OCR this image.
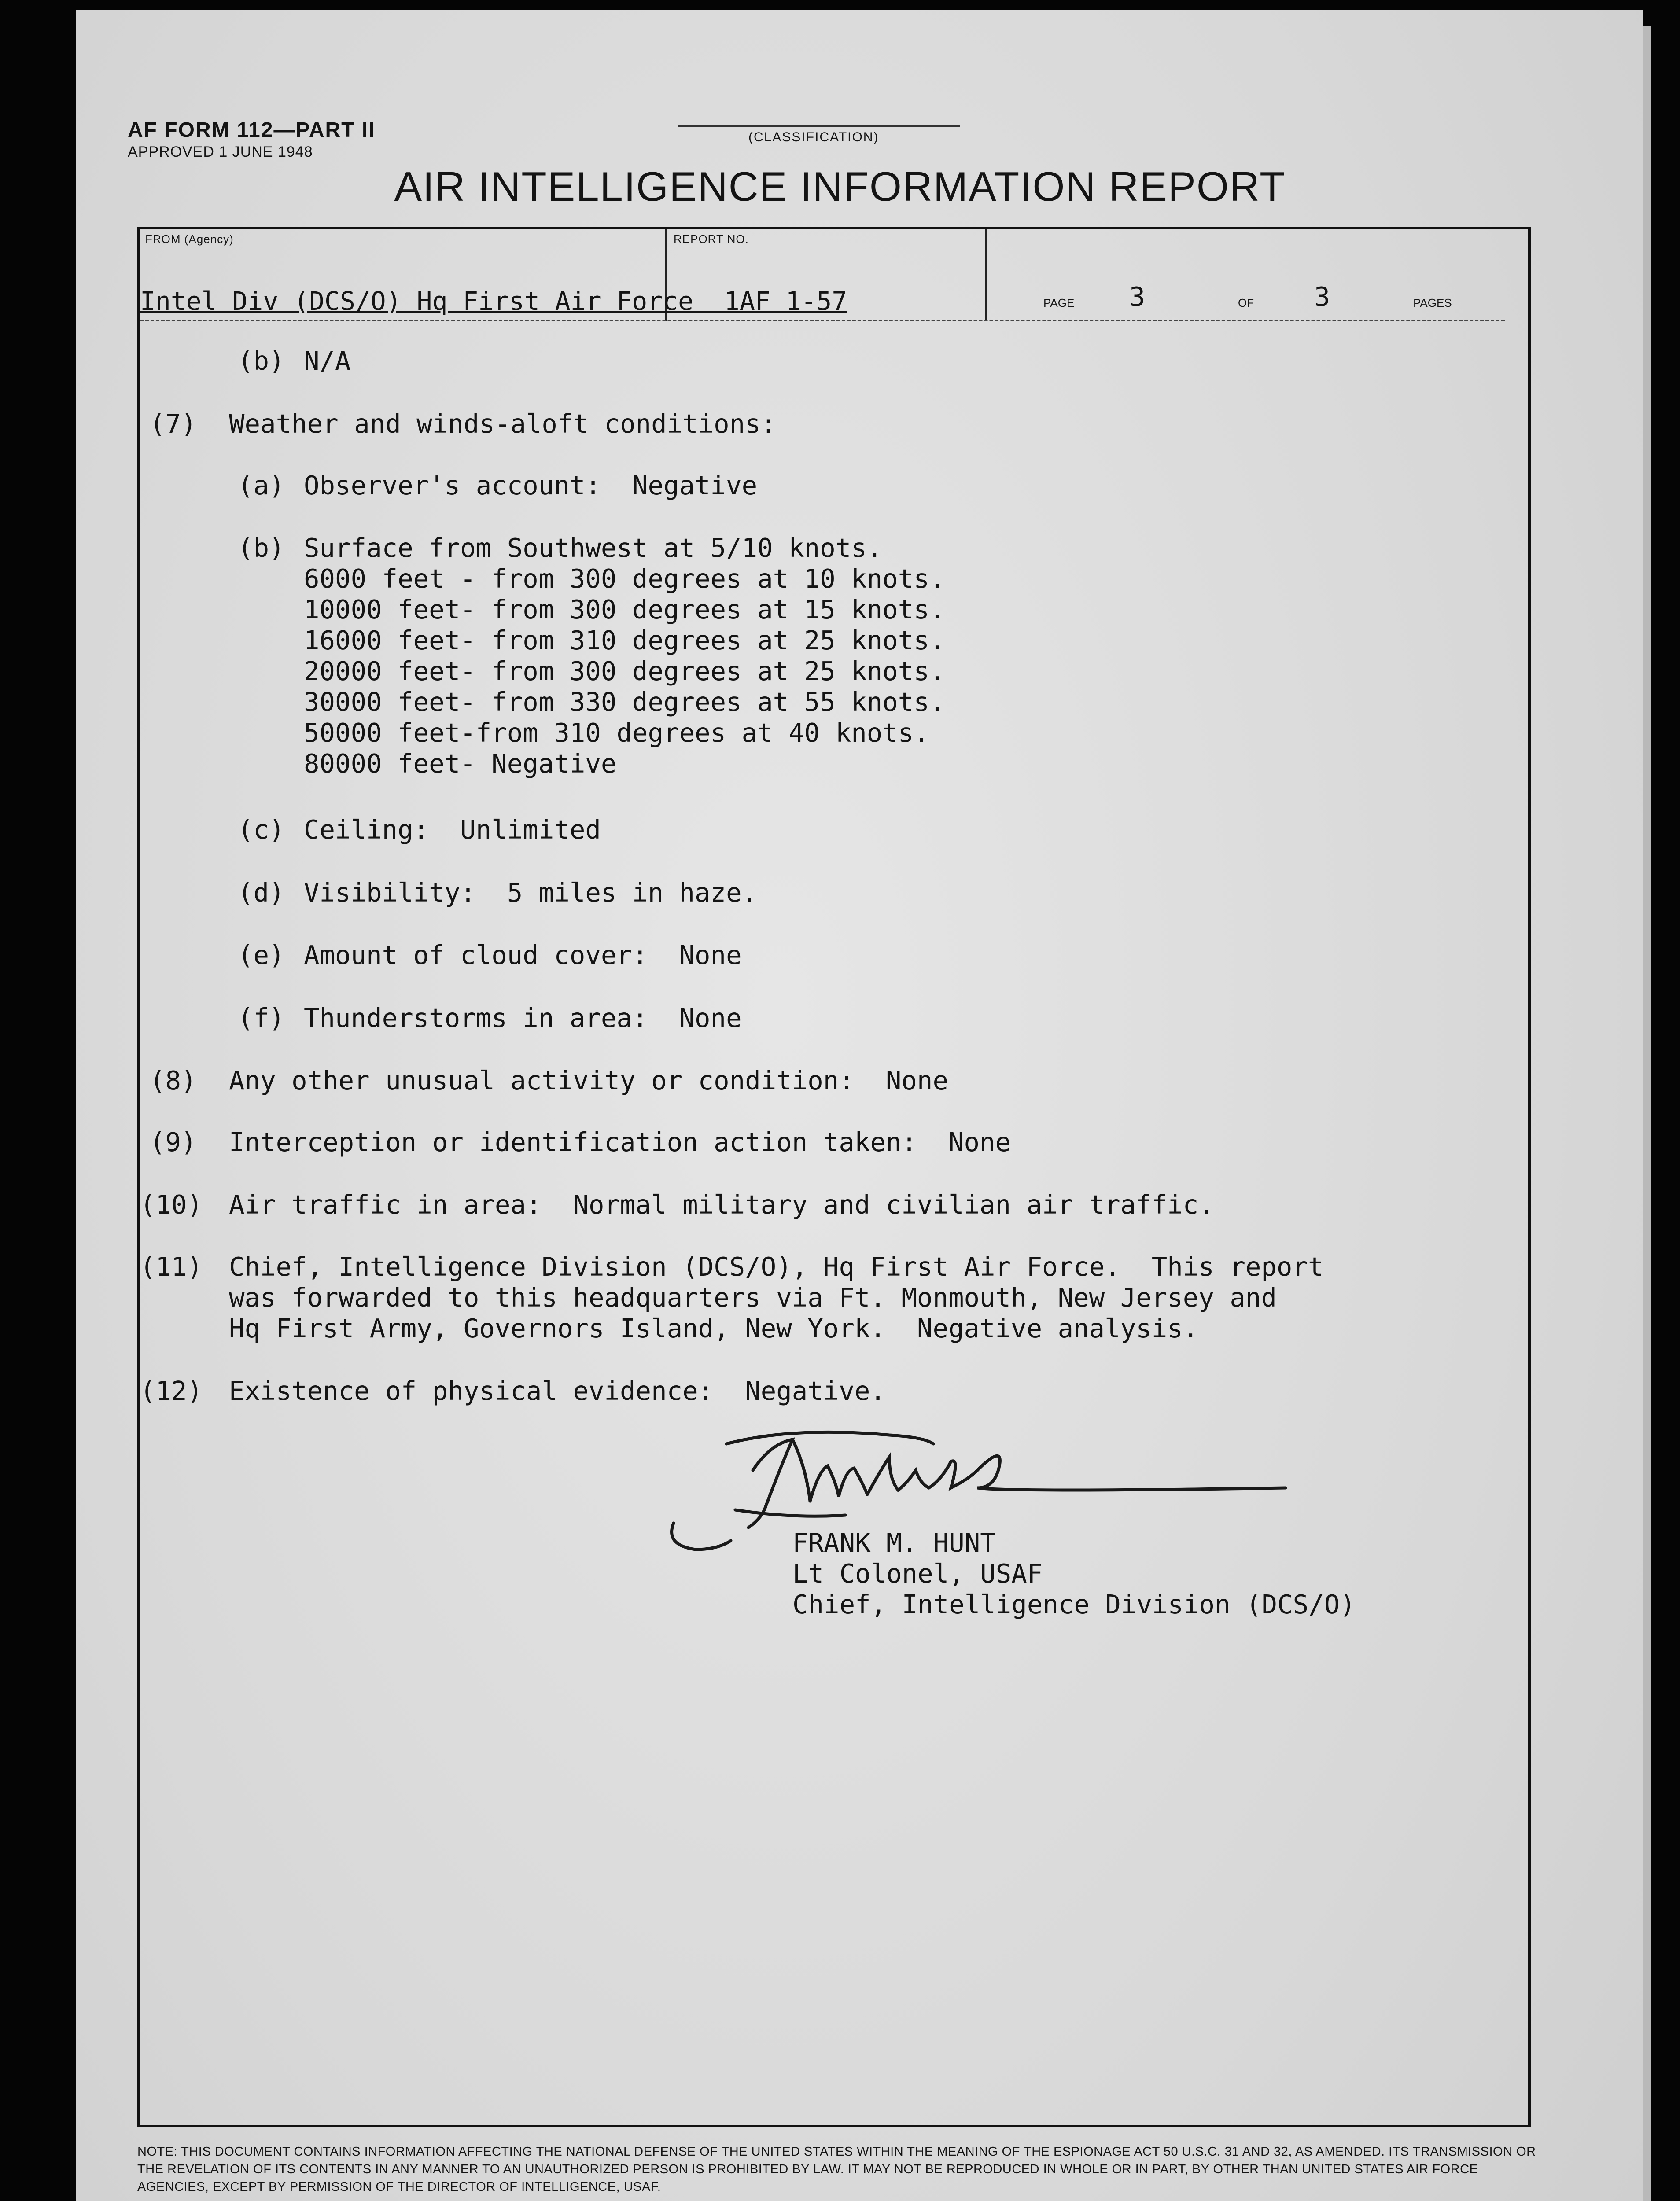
AF FORM 112—PART II
APPROVED 1 JUNE 1948
(CLASSIFICATION)
AIR INTELLIGENCE INFORMATION REPORT
FROM (Agency)	REPORT NO.
Intel Div (DCS/O) Hq First Air Force  1AF 1-57	PAGE 3	OF 3	PAGES
(b) N/A
(7) Weather and winds-aloft conditions:
(a) Observer's account:  Negative
(b) Surface from Southwest at 5/10 knots.
6000 feet - from 300 degrees at 10 knots.
10000 feet- from 300 degrees at 15 knots.
16000 feet- from 310 degrees at 25 knots.
20000 feet- from 300 degrees at 25 knots.
30000 feet- from 330 degrees at 55 knots.
50000 feet-from 310 degrees at 40 knots.
80000 feet- Negative
(c) Ceiling:  Unlimited
(d) Visibility:  5 miles in haze.
(e) Amount of cloud cover:  None
(f) Thunderstorms in area:  None
(8) Any other unusual activity or condition:  None
(9) Interception or identification action taken:  None
(10) Air traffic in area:  Normal military and civilian air traffic.
(11) Chief, Intelligence Division (DCS/O), Hq First Air Force.  This report
was forwarded to this headquarters via Ft. Monmouth, New Jersey and
Hq First Army, Governors Island, New York.  Negative analysis.
(12) Existence of physical evidence:  Negative.
FRANK M. HUNT
Lt Colonel, USAF
Chief, Intelligence Division (DCS/O)
NOTE: THIS DOCUMENT CONTAINS INFORMATION AFFECTING THE NATIONAL DEFENSE OF THE UNITED STATES WITHIN THE MEANING OF THE ESPIONAGE ACT 50 U.S.C. 31 AND 32, AS AMENDED. ITS TRANSMISSION OR THE REVELATION OF ITS CONTENTS IN ANY MANNER TO AN UNAUTHORIZED PERSON IS PROHIBITED BY LAW. IT MAY NOT BE REPRODUCED IN WHOLE OR IN PART, BY OTHER THAN UNITED STATES AIR FORCE AGENCIES, EXCEPT BY PERMISSION OF THE DIRECTOR OF INTELLIGENCE, USAF.
